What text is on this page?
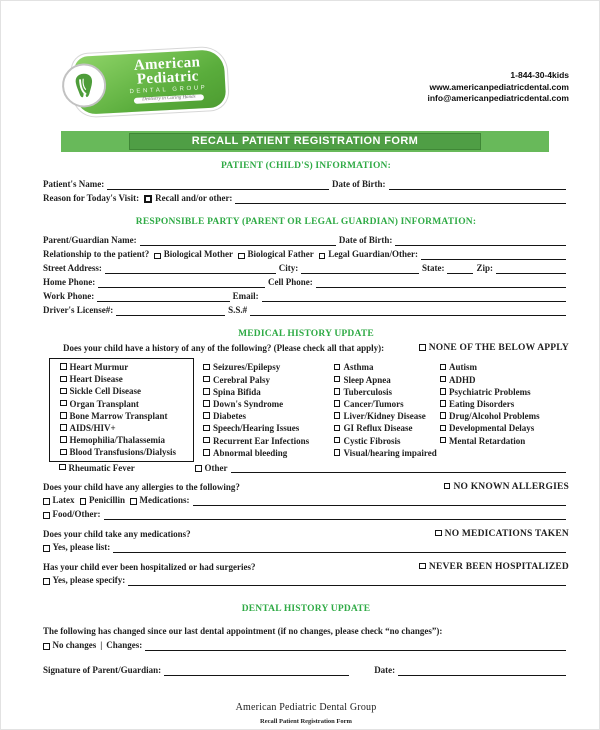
American
Pediatric
DENTAL GROUP
Dentistry in Caring Hands
1-844-30-4kids
www.americanpediatricdental.com
info@americanpediatricdental.com
RECALL PATIENT REGISTRATION FORM
PATIENT (CHILD'S) INFORMATION:
Patient's Name:	Date of Birth:
Reason for Today's Visit: Recall and/or other:
RESPONSIBLE PARTY (PARENT OR LEGAL GUARDIAN) INFORMATION:
Parent/Guardian Name:	Date of Birth:
Relationship to the patient? Biological Mother Biological Father Legal Guardian/Other:
Street Address:	City:	State:	Zip:
Home Phone:	Cell Phone:
Work Phone:	Email:
Driver's License#:	S.S.#
MEDICAL HISTORY UPDATE
Does your child have a history of any of the following? (Please check all that apply):	NONE OF THE BELOW APPLY
Heart Murmur
Heart Disease
Sickle Cell Disease
Organ Transplant
Bone Marrow Transplant
AIDS/HIV+
Hemophilia/Thalassemia
Blood Transfusions/Dialysis
Seizures/Epilepsy
Cerebral Palsy
Spina Bifida
Down's Syndrome
Diabetes
Speech/Hearing Issues
Recurrent Ear Infections
Abnormal bleeding
Asthma
Sleep Apnea
Tuberculosis
Cancer/Tumors
Liver/Kidney Disease
GI Reflux Disease
Cystic Fibrosis
Visual/hearing impaired
Autism
ADHD
Psychiatric Problems
Eating Disorders
Drug/Alcohol Problems
Developmental Delays
Mental Retardation
Rheumatic Fever	Other
Does your child have any allergies to the following?	NO KNOWN ALLERGIES
Latex Penicillin Medications:
Food/Other:
Does your child take any medications?	NO MEDICATIONS TAKEN
Yes, please list:
Has your child ever been hospitalized or had surgeries?	NEVER BEEN HOSPITALIZED
Yes, please specify:
DENTAL HISTORY UPDATE
The following has changed since our last dental appointment (if no changes, please check “no changes”):
No changes | Changes:
Signature of Parent/Guardian:	Date:
American Pediatric Dental Group
Recall Patient Registration Form
